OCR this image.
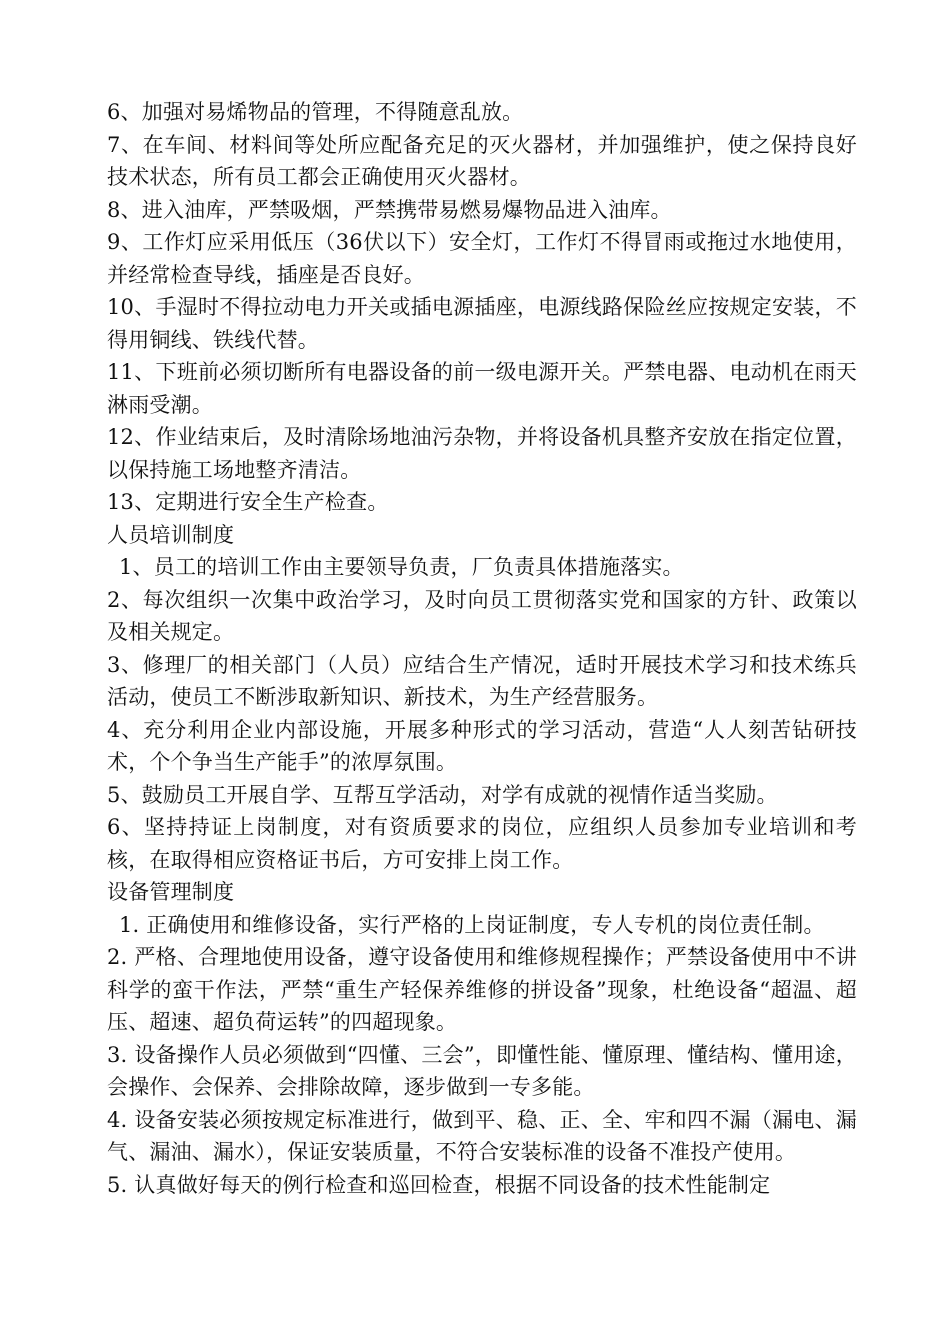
6、加强对易烯物品的管理，不得随意乱放。

7、在车间、材料间等处所应配备充足的灭火器材，并加强维护，使之保持良好技术状态，所有员工都会正确使用灭火器材。

8、进入油库，严禁吸烟，严禁携带易燃易爆物品进入油库。

9、工作灯应采用低压（36伏以下）安全灯，工作灯不得冒雨或拖过水地使用，并经常检查导线，插座是否良好。

10、手湿时不得拉动电力开关或插电源插座，电源线路保险丝应按规定安装，不得用铜线、铁线代替。

11、下班前必须切断所有电器设备的前一级电源开关。严禁电器、电动机在雨天淋雨受潮。

12、作业结束后，及时清除场地油污杂物，并将设备机具整齐安放在指定位置，以保持施工场地整齐清洁。

13、定期进行安全生产检查。

人员培训制度

1、员工的培训工作由主要领导负责，厂负责具体措施落实。

2、每次组织一次集中政治学习，及时向员工贯彻落实党和国家的方针、政策以及相关规定。

3、修理厂的相关部门（人员）应结合生产情况，适时开展技术学习和技术练兵活动，使员工不断涉取新知识、新技术，为生产经营服务。

4、充分利用企业内部设施，开展多种形式的学习活动，营造“人人刻苦钻研技术，个个争当生产能手”的浓厚氛围。

5、鼓励员工开展自学、互帮互学活动，对学有成就的视情作适当奖励。

6、坚持持证上岗制度，对有资质要求的岗位，应组织人员参加专业培训和考核，在取得相应资格证书后，方可安排上岗工作。

设备管理制度

1. 正确使用和维修设备，实行严格的上岗证制度，专人专机的岗位责任制。

2. 严格、合理地使用设备，遵守设备使用和维修规程操作；严禁设备使用中不讲科学的蛮干作法，严禁“重生产轻保养维修的拼设备”现象，杜绝设备“超温、超压、超速、超负荷运转”的四超现象。

3. 设备操作人员必须做到“四懂、三会”，即懂性能、懂原理、懂结构、懂用途，会操作、会保养、会排除故障，逐步做到一专多能。

4. 设备安装必须按规定标准进行，做到平、稳、正、全、牢和四不漏（漏电、漏气、漏油、漏水），保证安装质量，不符合安装标准的设备不准投产使用。

5. 认真做好每天的例行检查和巡回检查，根据不同设备的技术性能制定
